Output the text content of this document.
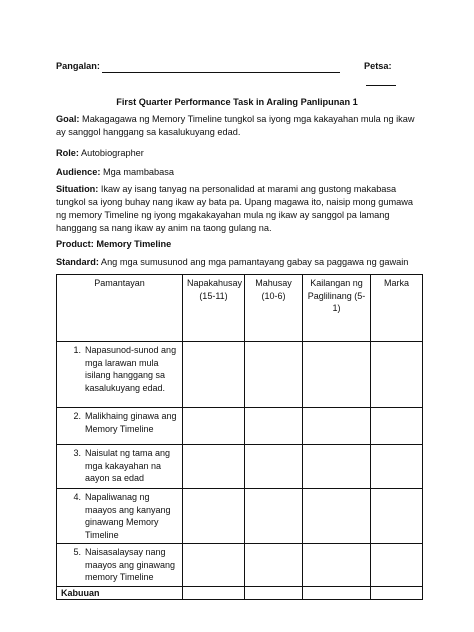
Pangalan:	Petsa:
First Quarter Performance Task in Araling Panlipunan 1
Goal: Makagagawa ng Memory Timeline tungkol sa iyong mga kakayahan mula ng ikaw ay sanggol hanggang sa kasalukuyang edad.
Role: Autobiographer
Audience: Mga mambabasa
Situation: Ikaw ay isang tanyag na personalidad at marami ang gustong makabasa tungkol sa iyong buhay nang ikaw ay bata pa. Upang magawa ito, naisip mong gumawa ng memory Timeline ng iyong mgakakayahan mula ng ikaw ay sanggol pa lamang hanggang sa nang ikaw ay anim na taong gulang na.
Product: Memory Timeline
Standard: Ang mga sumusunod ang mga pamantayang gabay sa paggawa ng gawain
Pamantayan	Napakahusay (15-11)	Mahusay (10-6)	Kailangan ng Paglilinang (5-1)	Marka

1. Napasunod-sunod ang mga larawan mula isilang hanggang sa kasalukuyang edad.				

2. Malikhaing ginawa ang Memory Timeline				

3. Naisulat ng tama ang mga kakayahan na aayon sa edad				

4. Napaliwanag ng maayos ang kanyang ginawang Memory Timeline				

5. Naisasalaysay nang maayos ang ginawang memory Timeline				

Kabuuan				
